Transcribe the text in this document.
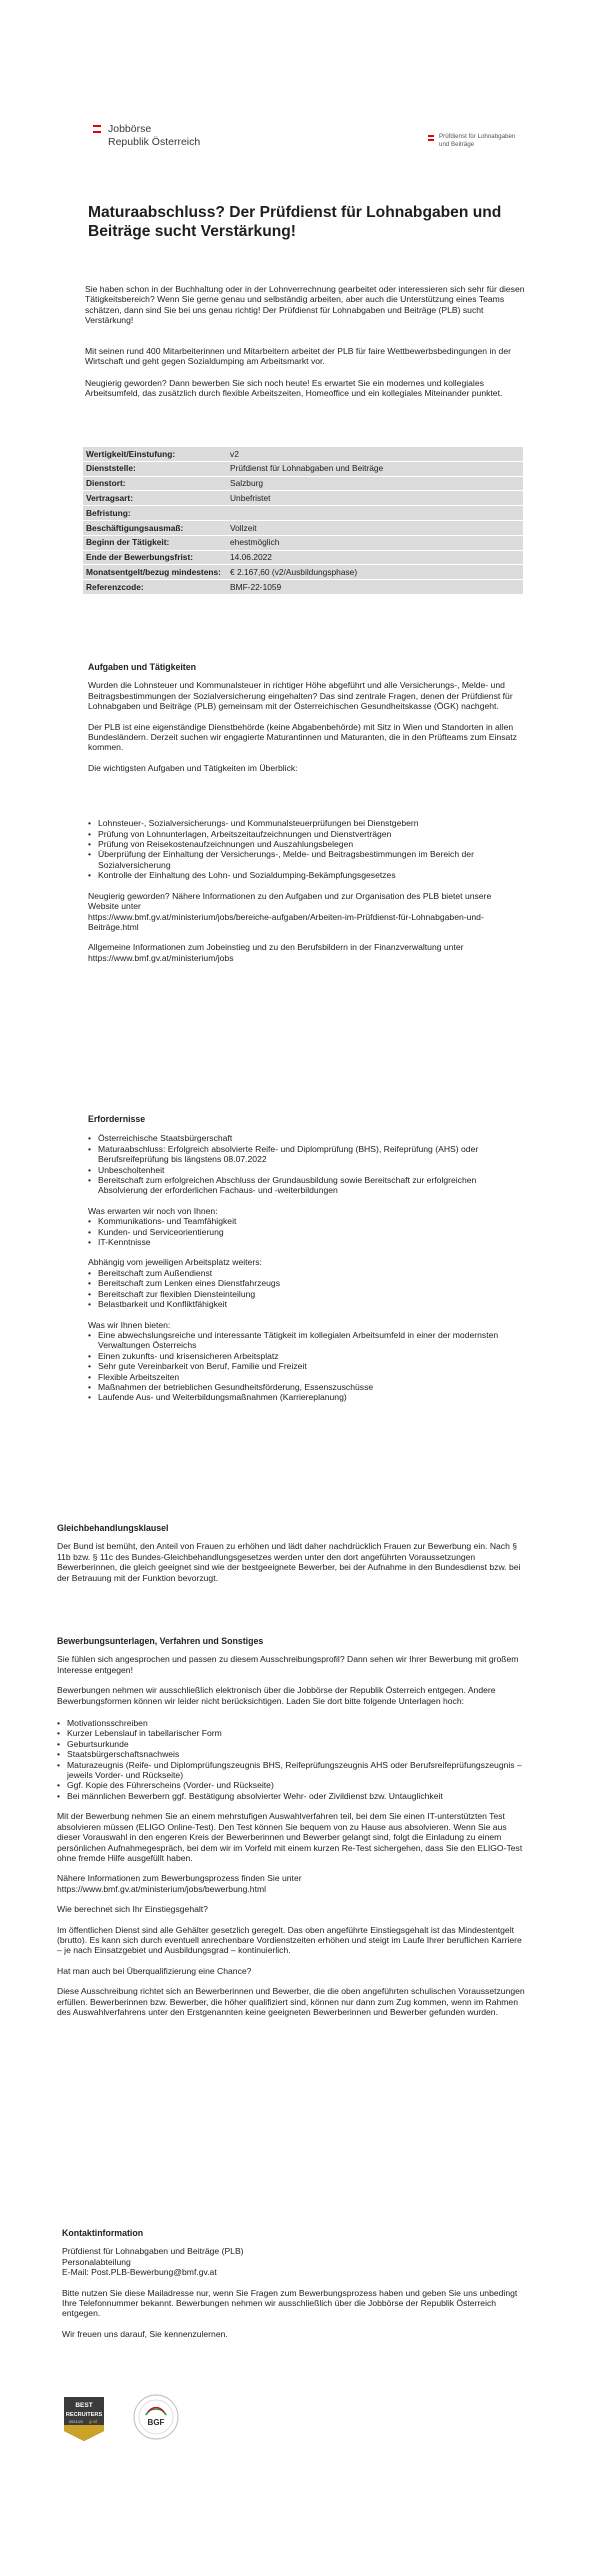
Jobbörse
Republik Österreich	Prüfdienst für Lohnabgaben
und Beiträge
Maturaabschluss? Der Prüfdienst für Lohnabgaben und Beiträge sucht Verstärkung!

Sie haben schon in der Buchhaltung oder in der Lohnverrechnung gearbeitet oder interessieren sich sehr für diesen Tätigkeitsbereich? Wenn Sie gerne genau und selbständig arbeiten, aber auch die Unterstützung eines Teams schätzen, dann sind Sie bei uns genau richtig! Der Prüfdienst für Lohnabgaben und Beiträge (PLB) sucht Verstärkung!

Mit seinen rund 400 Mitarbeiterinnen und Mitarbeitern arbeitet der PLB für faire Wettbewerbsbedingungen in der Wirtschaft und geht gegen Sozialdumping am Arbeitsmarkt vor.

Neugierig geworden? Dann bewerben Sie sich noch heute! Es erwartet Sie ein modernes und kollegiales Arbeitsumfeld, das zusätzlich durch flexible Arbeitszeiten, Homeoffice und ein kollegiales Miteinander punktet.

Wertigkeit/Einstufung:	v2
Dienststelle:	Prüfdienst für Lohnabgaben und Beiträge
Dienstort:	Salzburg
Vertragsart:	Unbefristet
Befristung:	
Beschäftigungsausmaß:	Vollzeit
Beginn der Tätigkeit:	ehestmöglich
Ende der Bewerbungsfrist:	14.06.2022
Monatsentgelt/bezug mindestens:	€ 2.167,60 (v2/Ausbildungsphase)
Referenzcode:	BMF-22-1059

Aufgaben und Tätigkeiten

Wurden die Lohnsteuer und Kommunalsteuer in richtiger Höhe abgeführt und alle Versicherungs-, Melde- und Beitragsbestimmungen der Sozialversicherung eingehalten? Das sind zentrale Fragen, denen der Prüfdienst für Lohnabgaben und Beiträge (PLB) gemeinsam mit der Österreichischen Gesundheitskasse (ÖGK) nachgeht.

Der PLB ist eine eigenständige Dienstbehörde (keine Abgabenbehörde) mit Sitz in Wien und Standorten in allen Bundesländern. Derzeit suchen wir engagierte Maturantinnen und Maturanten, die in den Prüfteams zum Einsatz kommen.

Die wichtigsten Aufgaben und Tätigkeiten im Überblick:

• Lohnsteuer-, Sozialversicherungs- und Kommunalsteuerprüfungen bei Dienstgebern
• Prüfung von Lohnunterlagen, Arbeitszeitaufzeichnungen und Dienstverträgen
• Prüfung von Reisekostenaufzeichnungen und Auszahlungsbelegen
• Überprüfung der Einhaltung der Versicherungs-, Melde- und Beitragsbestimmungen im Bereich der Sozialversicherung
• Kontrolle der Einhaltung des Lohn- und Sozialdumping-Bekämpfungsgesetzes

Neugierig geworden? Nähere Informationen zu den Aufgaben und zur Organisation des PLB bietet unsere Website unter
https://www.bmf.gv.at/ministerium/jobs/bereiche-aufgaben/Arbeiten-im-Prüfdienst-für-Lohnabgaben-und-Beiträge.html

Allgemeine Informationen zum Jobeinstieg und zu den Berufsbildern in der Finanzverwaltung unter
https://www.bmf.gv.at/ministerium/jobs

Erfordernisse

• Österreichische Staatsbürgerschaft
• Maturaabschluss: Erfolgreich absolvierte Reife- und Diplomprüfung (BHS), Reifeprüfung (AHS) oder Berufsreifeprüfung bis längstens 08.07.2022
• Unbescholtenheit
• Bereitschaft zum erfolgreichen Abschluss der Grundausbildung sowie Bereitschaft zur erfolgreichen Absolvierung der erforderlichen Fachaus- und -weiterbildungen

Was erwarten wir noch von Ihnen:

• Kommunikations- und Teamfähigkeit
• Kunden- und Serviceorientierung
• IT-Kenntnisse

Abhängig vom jeweiligen Arbeitsplatz weiters:

• Bereitschaft zum Außendienst
• Bereitschaft zum Lenken eines Dienstfahrzeugs
• Bereitschaft zur flexiblen Diensteinteilung
• Belastbarkeit und Konfliktfähigkeit

Was wir Ihnen bieten:

• Eine abwechslungsreiche und interessante Tätigkeit im kollegialen Arbeitsumfeld in einer der modernsten Verwaltungen Österreichs
• Einen zukunfts- und krisensicheren Arbeitsplatz
• Sehr gute Vereinbarkeit von Beruf, Familie und Freizeit
• Flexible Arbeitszeiten
• Maßnahmen der betrieblichen Gesundheitsförderung, Essenszuschüsse
• Laufende Aus- und Weiterbildungsmaßnahmen (Karriereplanung)

Gleichbehandlungsklausel

Der Bund ist bemüht, den Anteil von Frauen zu erhöhen und lädt daher nachdrücklich Frauen zur Bewerbung ein. Nach § 11b bzw. § 11c des Bundes-Gleichbehandlungsgesetzes werden unter den dort angeführten Voraussetzungen Bewerberinnen, die gleich geeignet sind wie der bestgeeignete Bewerber, bei der Aufnahme in den Bundesdienst bzw. bei der Betrauung mit der Funktion bevorzugt.

Bewerbungsunterlagen, Verfahren und Sonstiges

Sie fühlen sich angesprochen und passen zu diesem Ausschreibungsprofil? Dann sehen wir Ihrer Bewerbung mit großem Interesse entgegen!

Bewerbungen nehmen wir ausschließlich elektronisch über die Jobbörse der Republik Österreich entgegen. Andere Bewerbungsformen können wir leider nicht berücksichtigen. Laden Sie dort bitte folgende Unterlagen hoch:

• Motivationsschreiben
• Kurzer Lebenslauf in tabellarischer Form
• Geburtsurkunde
• Staatsbürgerschaftsnachweis
• Maturazeugnis (Reife- und Diplomprüfungszeugnis BHS, Reifeprüfungszeugnis AHS oder Berufsreifeprüfungszeugnis – jeweils Vorder- und Rückseite)
• Ggf. Kopie des Führerscheins (Vorder- und Rückseite)
• Bei männlichen Bewerbern ggf. Bestätigung absolvierter Wehr- oder Zivildienst bzw. Untauglichkeit

Mit der Bewerbung nehmen Sie an einem mehrstufigen Auswahlverfahren teil, bei dem Sie einen IT-unterstützten Test absolvieren müssen (ELIGO Online-Test). Den Test können Sie bequem von zu Hause aus absolvieren. Wenn Sie aus dieser Vorauswahl in den engeren Kreis der Bewerberinnen und Bewerber gelangt sind, folgt die Einladung zu einem persönlichen Aufnahmegespräch, bei dem wir im Vorfeld mit einem kurzen Re-Test sichergehen, dass Sie den ELIGO-Test ohne fremde Hilfe ausgefüllt haben.

Nähere Informationen zum Bewerbungsprozess finden Sie unter
https://www.bmf.gv.at/ministerium/jobs/bewerbung.html

Wie berechnet sich Ihr Einstiegsgehalt?

Im öffentlichen Dienst sind alle Gehälter gesetzlich geregelt. Das oben angeführte Einstiegsgehalt ist das Mindestentgelt (brutto). Es kann sich durch eventuell anrechenbare Vordienstzeiten erhöhen und steigt im Laufe Ihrer beruflichen Karriere – je nach Einsatzgebiet und Ausbildungsgrad – kontinuierlich.

Hat man auch bei Überqualifizierung eine Chance?

Diese Ausschreibung richtet sich an Bewerberinnen und Bewerber, die die oben angeführten schulischen Voraussetzungen erfüllen. Bewerberinnen bzw. Bewerber, die höher qualifiziert sind, können nur dann zum Zug kommen, wenn im Rahmen des Auswahlverfahrens unter den Erstgenannten keine geeigneten Bewerberinnen und Bewerber gefunden wurden.

Kontaktinformation

Prüfdienst für Lohnabgaben und Beiträge (PLB)

Personalabteilung

E-Mail: Post.PLB-Bewerbung@bmf.gv.at

Bitte nutzen Sie diese Mailadresse nur, wenn Sie Fragen zum Bewerbungsprozess haben und geben Sie uns unbedingt Ihre Telefonnummer bekannt. Bewerbungen nehmen wir ausschließlich über die Jobbörse der Republik Österreich entgegen.

Wir freuen uns darauf, Sie kennenzulernen.

BEST
RECRUITERS
2021/22 gold	BGF
